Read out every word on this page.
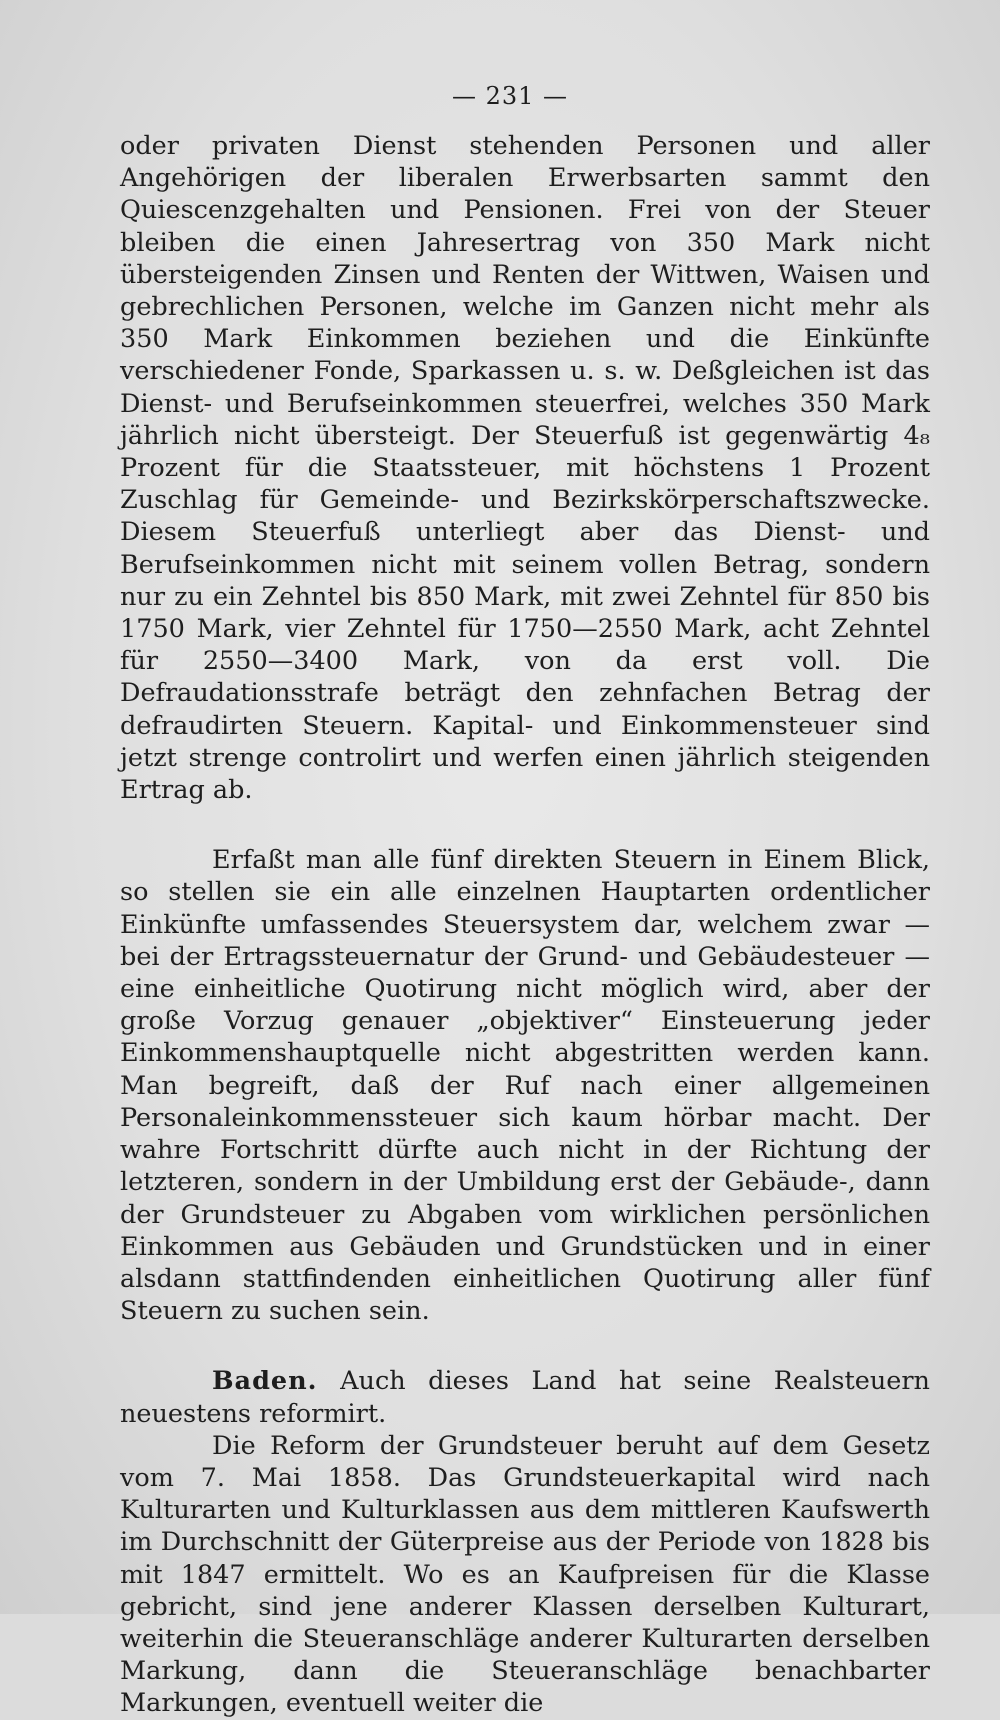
— 231 —

oder privaten Dienst stehenden Personen und aller Angehörigen der liberalen Erwerbsarten sammt den Quiescenzgehalten und Pensionen. Frei von der Steuer bleiben die einen Jahresertrag von 350 Mark nicht übersteigenden Zinsen und Renten der Wittwen, Waisen und gebrechlichen Personen, welche im Ganzen nicht mehr als 350 Mark Einkommen beziehen und die Einkünfte verschiedener Fonde, Sparkassen u. s. w. Deßgleichen ist das Dienst- und Berufseinkommen steuerfrei, welches 350 Mark jährlich nicht übersteigt. Der Steuerfuß ist gegenwärtig 4₈ Prozent für die Staatssteuer, mit höchstens 1 Prozent Zuschlag für Gemeinde- und Bezirkskörperschaftszwecke. Diesem Steuerfuß unterliegt aber das Dienst- und Berufseinkommen nicht mit seinem vollen Betrag, sondern nur zu ein Zehntel bis 850 Mark, mit zwei Zehntel für 850 bis 1750 Mark, vier Zehntel für 1750—2550 Mark, acht Zehntel für 2550—3400 Mark, von da erst voll. Die Defraudationsstrafe beträgt den zehnfachen Betrag der defraudirten Steuern. Kapital- und Einkommensteuer sind jetzt strenge controlirt und werfen einen jährlich steigenden Ertrag ab.

Erfaßt man alle fünf direkten Steuern in Einem Blick, so stellen sie ein alle einzelnen Hauptarten ordentlicher Einkünfte umfassendes Steuersystem dar, welchem zwar — bei der Ertragssteuernatur der Grund- und Gebäudesteuer — eine einheitliche Quotirung nicht möglich wird, aber der große Vorzug genauer „objektiver“ Einsteuerung jeder Einkommenshauptquelle nicht abgestritten werden kann. Man begreift, daß der Ruf nach einer allgemeinen Personaleinkommenssteuer sich kaum hörbar macht. Der wahre Fortschritt dürfte auch nicht in der Richtung der letzteren, sondern in der Umbildung erst der Gebäude-, dann der Grundsteuer zu Abgaben vom wirklichen persönlichen Einkommen aus Gebäuden und Grundstücken und in einer alsdann stattfindenden einheitlichen Quotirung aller fünf Steuern zu suchen sein.

Baden. Auch dieses Land hat seine Realsteuern neuestens reformirt.

Die Reform der Grundsteuer beruht auf dem Gesetz vom 7. Mai 1858. Das Grundsteuerkapital wird nach Kulturarten und Kulturklassen aus dem mittleren Kaufswerth im Durchschnitt der Güterpreise aus der Periode von 1828 bis mit 1847 ermittelt. Wo es an Kaufpreisen für die Klasse gebricht, sind jene anderer Klassen derselben Kulturart, weiterhin die Steueranschläge anderer Kulturarten derselben Markung, dann die Steueranschläge benachbarter Markungen, eventuell weiter die
